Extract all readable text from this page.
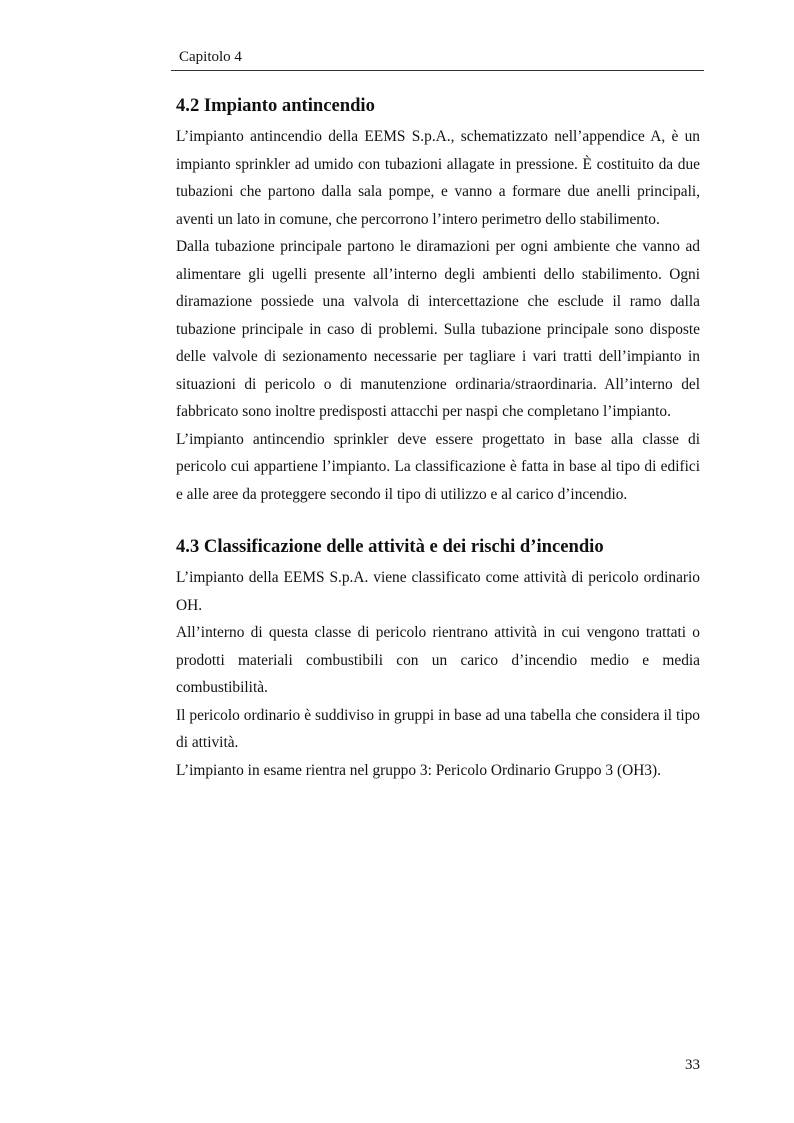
Capitolo 4
4.2 Impianto antincendio

L’impianto antincendio della EEMS S.p.A., schematizzato nell’appendice A, è un impianto sprinkler ad umido con tubazioni allagate in pressione. È costituito da due tubazioni che partono dalla sala pompe, e vanno a formare due anelli principali, aventi un lato in comune, che percorrono l’intero perimetro dello stabilimento.

Dalla tubazione principale partono le diramazioni per ogni ambiente che vanno ad alimentare gli ugelli presente all’interno degli ambienti dello stabilimento. Ogni diramazione possiede una valvola di intercettazione che esclude il ramo dalla tubazione principale in caso di problemi. Sulla tubazione principale sono disposte delle valvole di sezionamento necessarie per tagliare i vari tratti dell’impianto in situazioni di pericolo o di manutenzione ordinaria/straordinaria. All’interno del fabbricato sono inoltre predisposti attacchi per naspi che completano l’impianto.

L’impianto antincendio sprinkler deve essere progettato in base alla classe di pericolo cui appartiene l’impianto. La classificazione è fatta in base al tipo di edifici e alle aree da proteggere secondo il tipo di utilizzo e al carico d’incendio.

4.3 Classificazione delle attività e dei rischi d’incendio

L’impianto della EEMS S.p.A. viene classificato come attività di pericolo ordinario OH.

All’interno di questa classe di pericolo rientrano attività in cui vengono trattati o prodotti materiali combustibili con un carico d’incendio medio e media combustibilità.

Il pericolo ordinario è suddiviso in gruppi in base ad una tabella che considera il tipo di attività.

L’impianto in esame rientra nel gruppo 3: Pericolo Ordinario Gruppo 3 (OH3).

33
